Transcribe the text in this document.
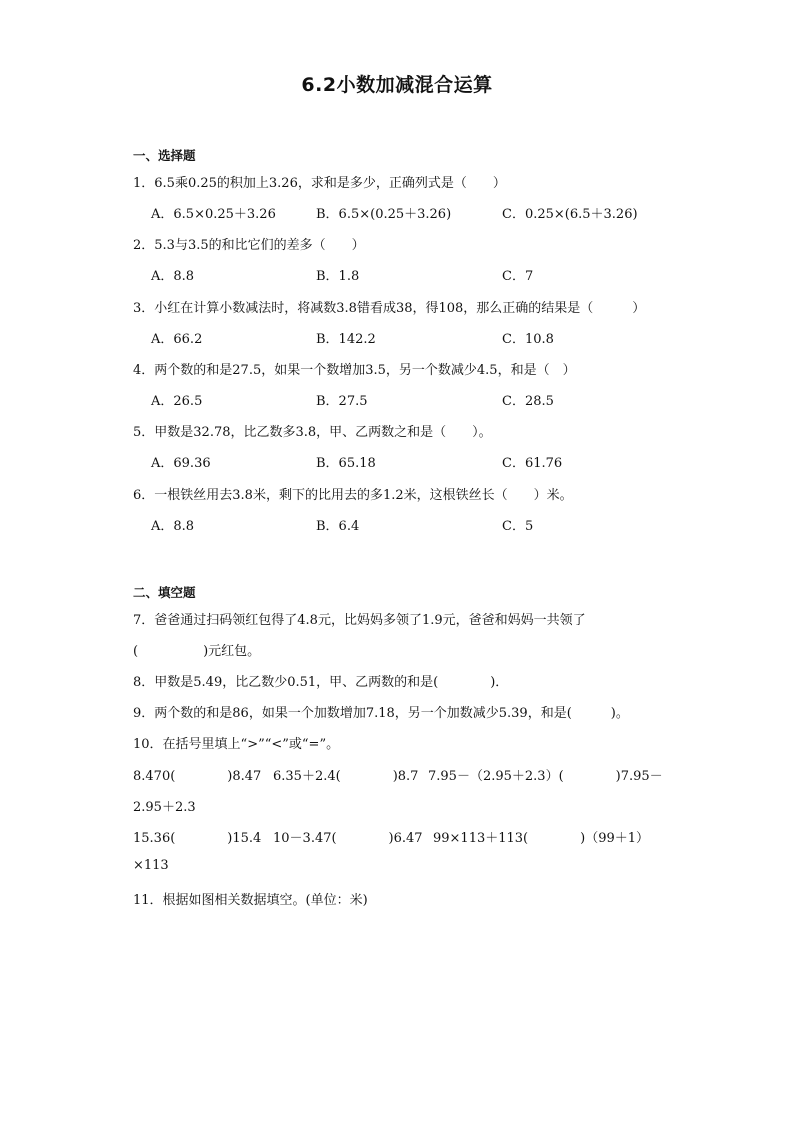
6.2小数加减混合运算
一、选择题
1．6.5乘0.25的积加上3.26，求和是多少，正确列式是（　　）
A．6.5×0.25＋3.26	B．6.5×(0.25＋3.26)	C．0.25×(6.5＋3.26)
2．5.3与3.5的和比它们的差多（　　）
A．8.8	B．1.8	C．7
3．小红在计算小数减法时，将减数3.8错看成38，得108，那么正确的结果是（　　　）
A．66.2	B．142.2	C．10.8
4．两个数的和是27.5，如果一个数增加3.5，另一个数减少4.5，和是（　）
A．26.5	B．27.5	C．28.5
5．甲数是32.78，比乙数多3.8，甲、乙两数之和是（　　）。
A．69.36	B．65.18	C．61.76
6．一根铁丝用去3.8米，剩下的比用去的多1.2米，这根铁丝长（　　）米。
A．8.8	B．6.4	C．5
二、填空题
7．爸爸通过扫码领红包得了4.8元，比妈妈多领了1.9元，爸爸和妈妈一共领了
(　　　　　)元红包。
8．甲数是5.49，比乙数少0.51，甲、乙两数的和是(　　　　)．
9．两个数的和是86，如果一个加数增加7.18，另一个加数减少5.39，和是(　　　)。
10．在括号里填上“>”“<”或“=”。
8.470(　　　　)8.47 6.35＋2.4(　　　　)8.7 7.95－（2.95＋2.3）(　　　　)7.95－
2.95＋2.3
15.36(　　　　)15.4 10－3.47(　　　　)6.47 99×113＋113(　　　　)（99＋1）
×113
11．根据如图相关数据填空。(单位：米)
